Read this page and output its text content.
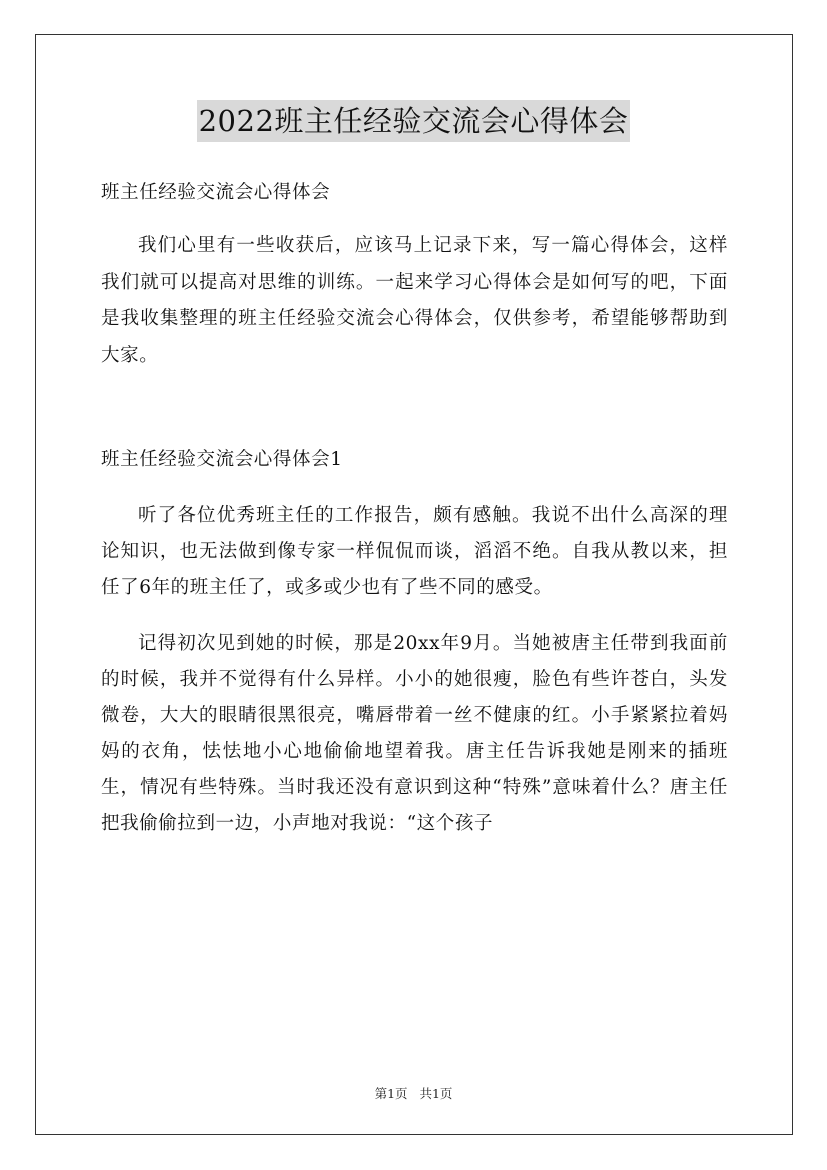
2022班主任经验交流会心得体会

班主任经验交流会心得体会

我们心里有一些收获后，应该马上记录下来，写一篇心得体会，这样我们就可以提高对思维的训练。一起来学习心得体会是如何写的吧，下面是我收集整理的班主任经验交流会心得体会，仅供参考，希望能够帮助到大家。

班主任经验交流会心得体会1

听了各位优秀班主任的工作报告，颇有感触。我说不出什么高深的理论知识，也无法做到像专家一样侃侃而谈，滔滔不绝。自我从教以来，担任了6年的班主任了，或多或少也有了些不同的感受。

记得初次见到她的时候，那是20xx年9月。当她被唐主任带到我面前的时候，我并不觉得有什么异样。小小的她很瘦，脸色有些许苍白，头发微卷，大大的眼睛很黑很亮，嘴唇带着一丝不健康的红。小手紧紧拉着妈妈的衣角，怯怯地小心地偷偷地望着我。唐主任告诉我她是刚来的插班生，情况有些特殊。当时我还没有意识到这种“特殊”意味着什么？唐主任把我偷偷拉到一边，小声地对我说：“这个孩子

第1页   共1页
